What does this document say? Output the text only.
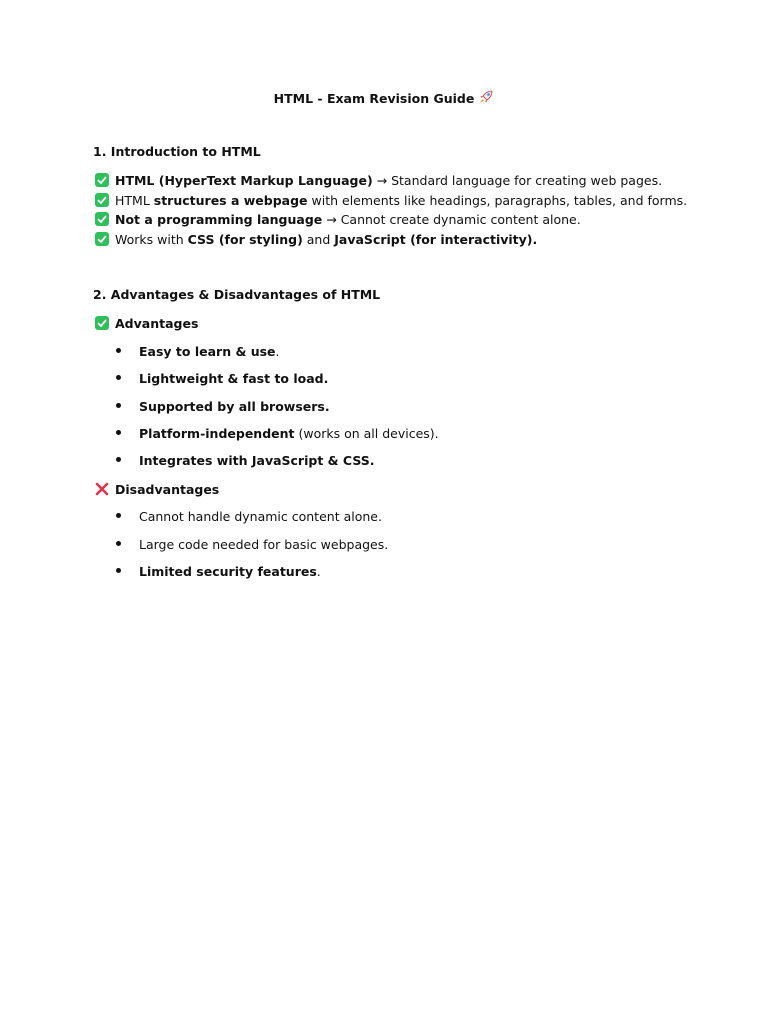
HTML - Exam Revision Guide
1. Introduction to HTML
HTML (HyperText Markup Language) → Standard language for creating web pages.
HTML structures a webpage with elements like headings, paragraphs, tables, and forms.
Not a programming language → Cannot create dynamic content alone.
Works with CSS (for styling) and JavaScript (for interactivity).
2. Advantages & Disadvantages of HTML
Advantages
Easy to learn & use.
Lightweight & fast to load.
Supported by all browsers.
Platform-independent (works on all devices).
Integrates with JavaScript & CSS.
Disadvantages
Cannot handle dynamic content alone.
Large code needed for basic webpages.
Limited security features.
